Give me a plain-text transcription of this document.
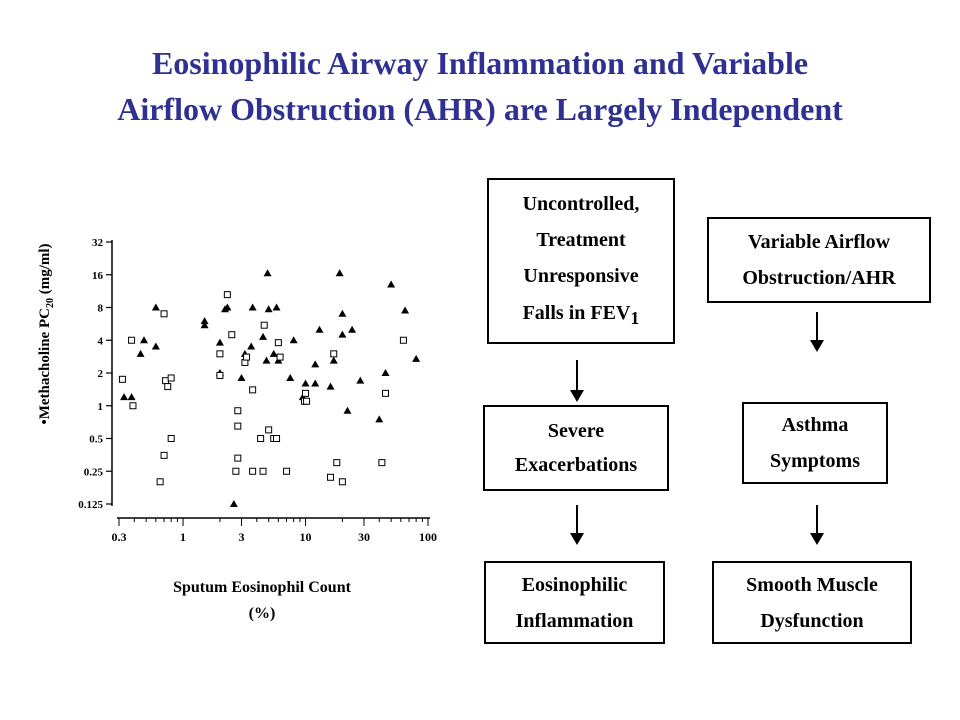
Eosinophilic Airway Inflammation and Variable
Airflow Obstruction (AHR) are Largely Independent
0.125
0.25
0.5
1
2
4
8
16
32
0.3	1	3	10	30	100
Sputum Eosinophil Count
(%)
•Methacholine $PC_{20}$ (mg/ml)
Uncontrolled,
Treatment
Unresponsive
Falls in $FEV_1$
Severe
Exacerbations
Eosinophilic
Inflammation
Variable Airflow
Obstruction/AHR
Asthma
Symptoms
Smooth Muscle
Dysfunction
